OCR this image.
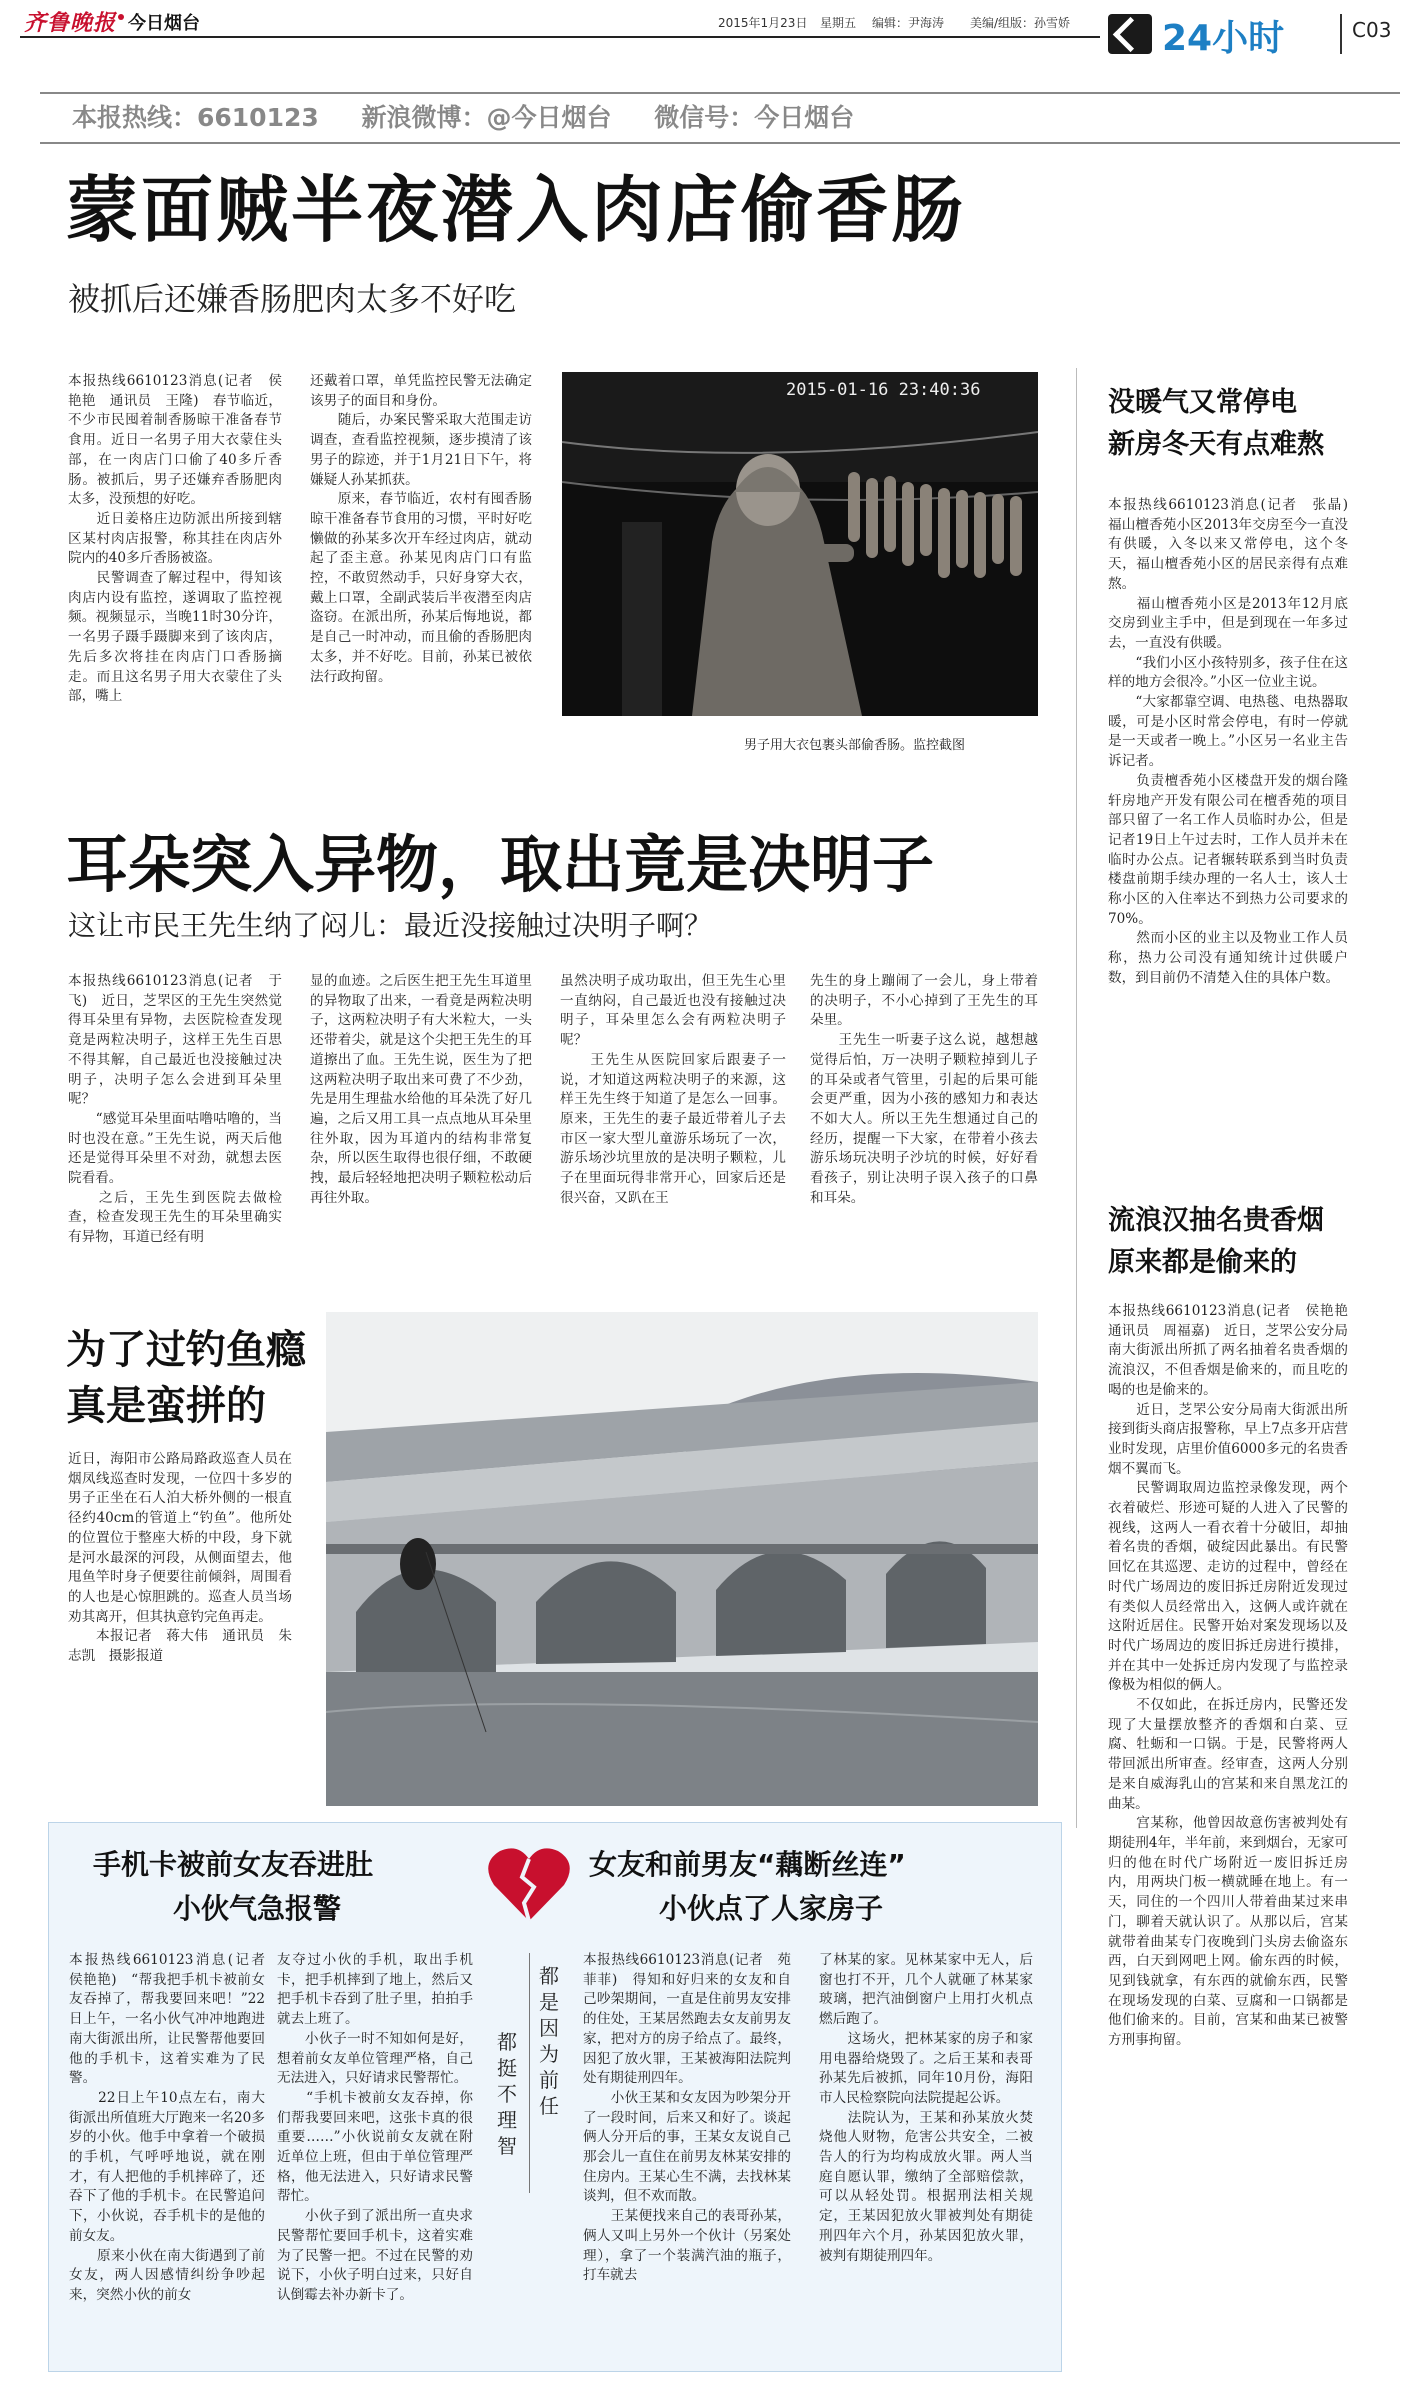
齐鲁晚报 今日烟台	2015年1月23日 星期五 编辑：尹海涛 美编/组版：孙雪娇	24小时	C03
本报热线：6610123 新浪微博：@今日烟台 微信号：今日烟台
蒙面贼半夜潜入肉店偷香肠
被抓后还嫌香肠肥肉太多不好吃
本报热线6610123消息(记者　侯艳艳　通讯员　王隆)　春节临近，不少市民囤着制香肠晾干准备春节食用。近日一名男子用大衣蒙住头部，在一肉店门口偷了40多斤香肠。被抓后，男子还嫌弃香肠肥肉太多，没预想的好吃。
　　近日姜格庄边防派出所接到辖区某村肉店报警，称其挂在肉店外院内的40多斤香肠被盗。
　　民警调查了解过程中，得知该肉店内设有监控，遂调取了监控视频。视频显示，当晚11时30分许，一名男子蹑手蹑脚来到了该肉店，先后多次将挂在肉店门口香肠摘走。而且这名男子用大衣蒙住了头部，嘴上
还戴着口罩，单凭监控民警无法确定该男子的面目和身份。
　　随后，办案民警采取大范围走访调查，查看监控视频，逐步摸清了该男子的踪迹，并于1月21日下午，将嫌疑人孙某抓获。
　　原来，春节临近，农村有囤香肠晾干准备春节食用的习惯，平时好吃懒做的孙某多次开车经过肉店，就动起了歪主意。孙某见肉店门口有监控，不敢贸然动手，只好身穿大衣，戴上口罩，全副武装后半夜潜至肉店盗窃。在派出所，孙某后悔地说，都是自己一时冲动，而且偷的香肠肥肉太多，并不好吃。目前，孙某已被依法行政拘留。
2015-01-16 23:40:36
男子用大衣包裹头部偷香肠。监控截图
没暖气又常停电
新房冬天有点难熬
本报热线6610123消息(记者　张晶)　福山檀香苑小区2013年交房至今一直没有供暖，入冬以来又常停电，这个冬天，福山檀香苑小区的居民亲得有点难熬。
　　福山檀香苑小区是2013年12月底交房到业主手中，但是到现在一年多过去，一直没有供暖。
　　“我们小区小孩特别多，孩子住在这样的地方会很冷。”小区一位业主说。
　　“大家都靠空调、电热毯、电热器取暖，可是小区时常会停电，有时一停就是一天或者一晚上。”小区另一名业主告诉记者。
　　负责檀香苑小区楼盘开发的烟台隆轩房地产开发有限公司在檀香苑的项目部只留了一名工作人员临时办公，但是记者19日上午过去时，工作人员并未在临时办公点。记者辗转联系到当时负责楼盘前期手续办理的一名人士，该人士称小区的入住率达不到热力公司要求的70%。
　　然而小区的业主以及物业工作人员称，热力公司没有通知统计过供暖户数，到目前仍不清楚入住的具体户数。
流浪汉抽名贵香烟
原来都是偷来的
本报热线6610123消息(记者　侯艳艳　通讯员　周福嘉)　近日，芝罘公安分局南大街派出所抓了两名抽着名贵香烟的流浪汉，不但香烟是偷来的，而且吃的喝的也是偷来的。
　　近日，芝罘公安分局南大街派出所接到街头商店报警称，早上7点多开店营业时发现，店里价值6000多元的名贵香烟不翼而飞。
　　民警调取周边监控录像发现，两个衣着破烂、形迹可疑的人进入了民警的视线，这两人一看衣着十分破旧，却抽着名贵的香烟，破绽因此暴出。有民警回忆在其巡逻、走访的过程中，曾经在时代广场周边的废旧拆迁房附近发现过有类似人员经常出入，这俩人或许就在这附近居住。民警开始对案发现场以及时代广场周边的废旧拆迁房进行摸排，并在其中一处拆迁房内发现了与监控录像极为相似的俩人。
　　不仅如此，在拆迁房内，民警还发现了大量摆放整齐的香烟和白菜、豆腐、牡蛎和一口锅。于是，民警将两人带回派出所审查。经审查，这两人分别是来自威海乳山的宫某和来自黑龙江的曲某。
　　宫某称，他曾因故意伤害被判处有期徒刑4年，半年前，来到烟台，无家可归的他在时代广场附近一废旧拆迁房内，用两块门板一横就睡在地上。有一天，同住的一个四川人带着曲某过来串门，聊着天就认识了。从那以后，宫某就带着曲某专门夜晚到门头房去偷盗东西，白天到网吧上网。偷东西的时候，见到钱就拿，有东西的就偷东西，民警在现场发现的白菜、豆腐和一口锅都是他们偷来的。目前，宫某和曲某已被警方刑事拘留。
耳朵突入异物，取出竟是决明子
这让市民王先生纳了闷儿：最近没接触过决明子啊？
本报热线6610123消息(记者　于飞)　近日，芝罘区的王先生突然觉得耳朵里有异物，去医院检查发现竟是两粒决明子，这样王先生百思不得其解，自己最近也没接触过决明子，决明子怎么会进到耳朵里呢？
　　“感觉耳朵里面咕噜咕噜的，当时也没在意。”王先生说，两天后他还是觉得耳朵里不对劲，就想去医院看看。
　　之后，王先生到医院去做检查，检查发现王先生的耳朵里确实有异物，耳道已经有明
显的血迹。之后医生把王先生耳道里的异物取了出来，一看竟是两粒决明子，这两粒决明子有大米粒大，一头还带着尖，就是这个尖把王先生的耳道擦出了血。王先生说，医生为了把这两粒决明子取出来可费了不少劲，先是用生理盐水给他的耳朵洗了好几遍，之后又用工具一点点地从耳朵里往外取，因为耳道内的结构非常复杂，所以医生取得也很仔细，不敢硬拽，最后轻轻地把决明子颗粒松动后再往外取。
虽然决明子成功取出，但王先生心里一直纳闷，自己最近也没有接触过决明子，耳朵里怎么会有两粒决明子呢？
　　王先生从医院回家后跟妻子一说，才知道这两粒决明子的来源，这样王先生终于知道了是怎么一回事。原来，王先生的妻子最近带着儿子去市区一家大型儿童游乐场玩了一次，游乐场沙坑里放的是决明子颗粒，儿子在里面玩得非常开心，回家后还是很兴奋，又趴在王
先生的身上蹦闹了一会儿，身上带着的决明子，不小心掉到了王先生的耳朵里。
　　王先生一听妻子这么说，越想越觉得后怕，万一决明子颗粒掉到儿子的耳朵或者气管里，引起的后果可能会更严重，因为小孩的感知力和表达不如大人。所以王先生想通过自己的经历，提醒一下大家，在带着小孩去游乐场玩决明子沙坑的时候，好好看看孩子，别让决明子误入孩子的口鼻和耳朵。
为了过钓鱼瘾
真是蛮拼的
近日，海阳市公路局路政巡查人员在烟凤线巡查时发现，一位四十多岁的男子正坐在石人泊大桥外侧的一根直径约40cm的管道上“钓鱼”。他所处的位置位于整座大桥的中段，身下就是河水最深的河段，从侧面望去，他甩鱼竿时身子便要往前倾斜，周围看的人也是心惊胆跳的。巡查人员当场劝其离开，但其执意钓完鱼再走。
　　本报记者　蒋大伟　通讯员　朱志凯　摄影报道
手机卡被前女友吞进肚
小伙气急报警
女友和前男友“藕断丝连”
小伙点了人家房子
本报热线6610123消息(记者　侯艳艳)　“帮我把手机卡被前女友吞掉了，帮我要回来吧！”22日上午，一名小伙气冲冲地跑进南大街派出所，让民警帮他要回他的手机卡，这着实难为了民警。
　　22日上午10点左右，南大街派出所值班大厅跑来一名20多岁的小伙。他手中拿着一个破损的手机，气呼呼地说，就在刚才，有人把他的手机摔碎了，还吞下了他的手机卡。在民警追问下，小伙说，吞手机卡的是他的前女友。
　　原来小伙在南大街遇到了前女友，两人因感情纠纷争吵起来，突然小伙的前女
友夺过小伙的手机，取出手机卡，把手机摔到了地上，然后又把手机卡吞到了肚子里，拍拍手就去上班了。
　　小伙子一时不知如何是好，想着前女友单位管理严格，自己无法进入，只好请求民警帮忙。
　　“手机卡被前女友吞掉，你们帮我要回来吧，这张卡真的很重要……”小伙说前女友就在附近单位上班，但由于单位管理严格，他无法进入，只好请求民警帮忙。
　　小伙子到了派出所一直央求民警帮忙要回手机卡，这着实难为了民警一把。不过在民警的劝说下，小伙子明白过来，只好自认倒霉去补办新卡了。
都是因为前任
都挺不理智
本报热线6610123消息(记者　苑菲菲)　得知和好归来的女友和自己吵架期间，一直是住前男友安排的住处，王某居然跑去女友前男友家，把对方的房子给点了。最终，因犯了放火罪，王某被海阳法院判处有期徒刑四年。
　　小伙王某和女友因为吵架分开了一段时间，后来又和好了。谈起俩人分开后的事，王某女友说自己那会儿一直住在前男友林某安排的住房内。王某心生不满，去找林某谈判，但不欢而散。
　　王某便找来自己的表哥孙某，俩人又叫上另外一个伙计（另案处理），拿了一个装满汽油的瓶子，打车就去
了林某的家。见林某家中无人，后窗也打不开，几个人就砸了林某家玻璃，把汽油倒窗户上用打火机点燃后跑了。
　　这场火，把林某家的房子和家用电器给烧毁了。之后王某和表哥孙某先后被抓，同年10月份，海阳市人民检察院向法院提起公诉。
　　法院认为，王某和孙某放火焚烧他人财物，危害公共安全，二被告人的行为均构成放火罪。两人当庭自愿认罪，缴纳了全部赔偿款，可以从轻处罚。根据刑法相关规定，王某因犯放火罪被判处有期徒刑四年六个月，孙某因犯放火罪，被判有期徒刑四年。
